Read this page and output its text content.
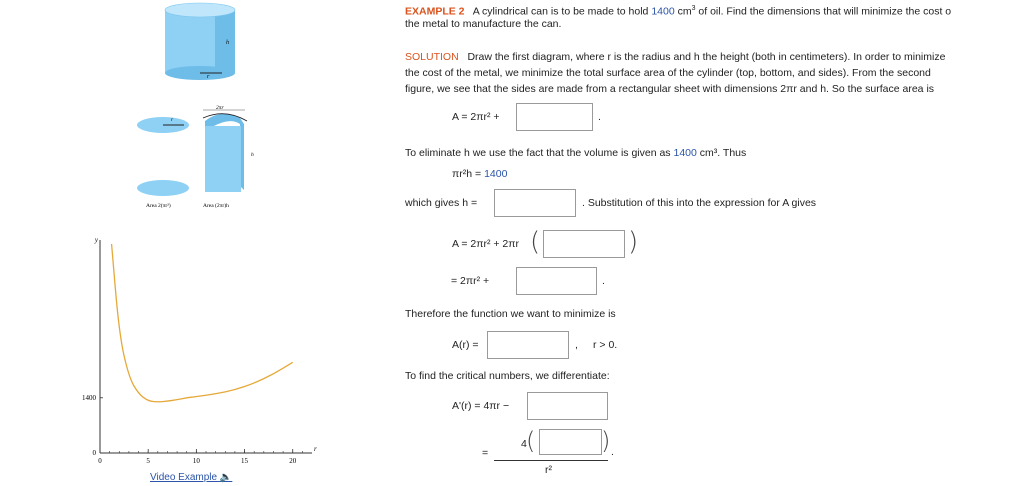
h
r
r
2πr
h
Area 2(πr²)	Area (2πr)h
0	5	10	15	20
0
1400
y
r
Video Example 🔈
EXAMPLE 2 A cylindrical can is to be made to hold 1400 $cm^3$ of oil. Find the dimensions that will minimize the cost o
the metal to manufacture the can.
SOLUTION Draw the first diagram, where r is the radius and h the height (both in centimeters). In order to minimize
the cost of the metal, we minimize the total surface area of the cylinder (top, bottom, and sides). From the second
figure, we see that the sides are made from a rectangular sheet with dimensions 2πr and h. So the surface area is
A = 2πr² +	.
To eliminate h we use the fact that the volume is given as 1400 cm³. Thus
πr²h = 1400
which gives h =	. Substitution of this into the expression for A gives
A = 2πr² + 2πr (	)
= 2πr² +	.
Therefore the function we want to minimize is
A(r) =	, r > 0.
To find the critical numbers, we differentiate:
A'(r) = 4πr −
=
4 (	) .
r²
